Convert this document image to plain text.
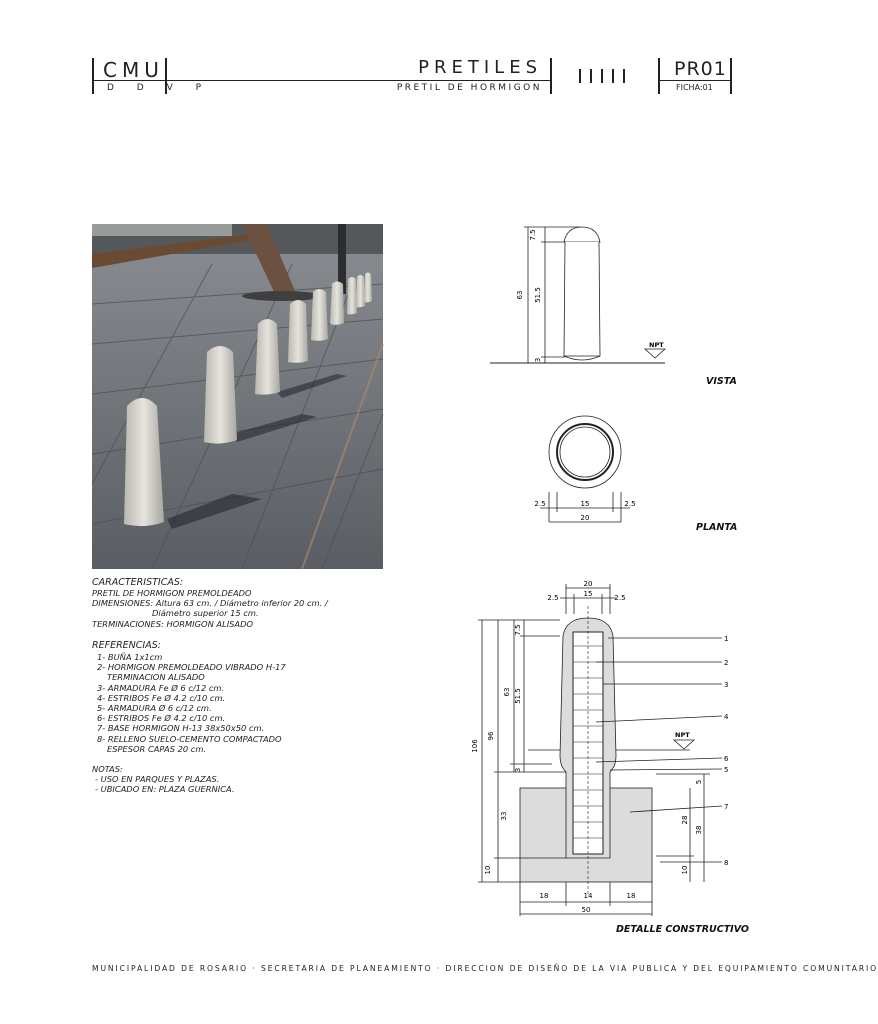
CMU
D D V P
PRETILES
PRETIL DE HORMIGON
PR01
FICHA:01
CARACTERISTICAS:
PRETIL DE HORMIGON PREMOLDEADO
DIMENSIONES: Altura 63 cm. / Diámetro inferior 20 cm. /
Diámetro superior 15 cm.
TERMINACIONES: HORMIGON ALISADO
REFERENCIAS:
1- BUÑA 1x1cm
2- HORMIGON PREMOLDEADO VIBRADO H-17
TERMINACION ALISADO
3- ARMADURA Fe Ø 6 c/12 cm.
4- ESTRIBOS Fe Ø 4.2 c/10 cm.
5- ARMADURA Ø 6 c/12 cm.
6- ESTRIBOS Fe Ø 4.2 c/10 cm.
7- BASE HORMIGON H-13 38x50x50 cm.
8- RELLENO SUELO-CEMENTO COMPACTADO
ESPESOR CAPAS 20 cm.
NOTAS:
- USO EN PARQUES Y PLAZAS.
- UBICADO EN: PLAZA GUERNICA.
7.5
63 51.5
3
NPT
VISTA
2.5	15	2.5
20
PLANTA
20
2.5	15	2.5
106
96
63
7.5
51.5
3
33
10
5
28
38
10
18	14	18
50
NPT
1
2
3
4
6
5
7
8
DETALLE CONSTRUCTIVO
MUNICIPALIDAD DE ROSARIO · SECRETARIA DE PLANEAMIENTO · DIRECCION DE DISEÑO DE LA VIA PUBLICA Y DEL EQUIPAMIENTO COMUNITARIO
